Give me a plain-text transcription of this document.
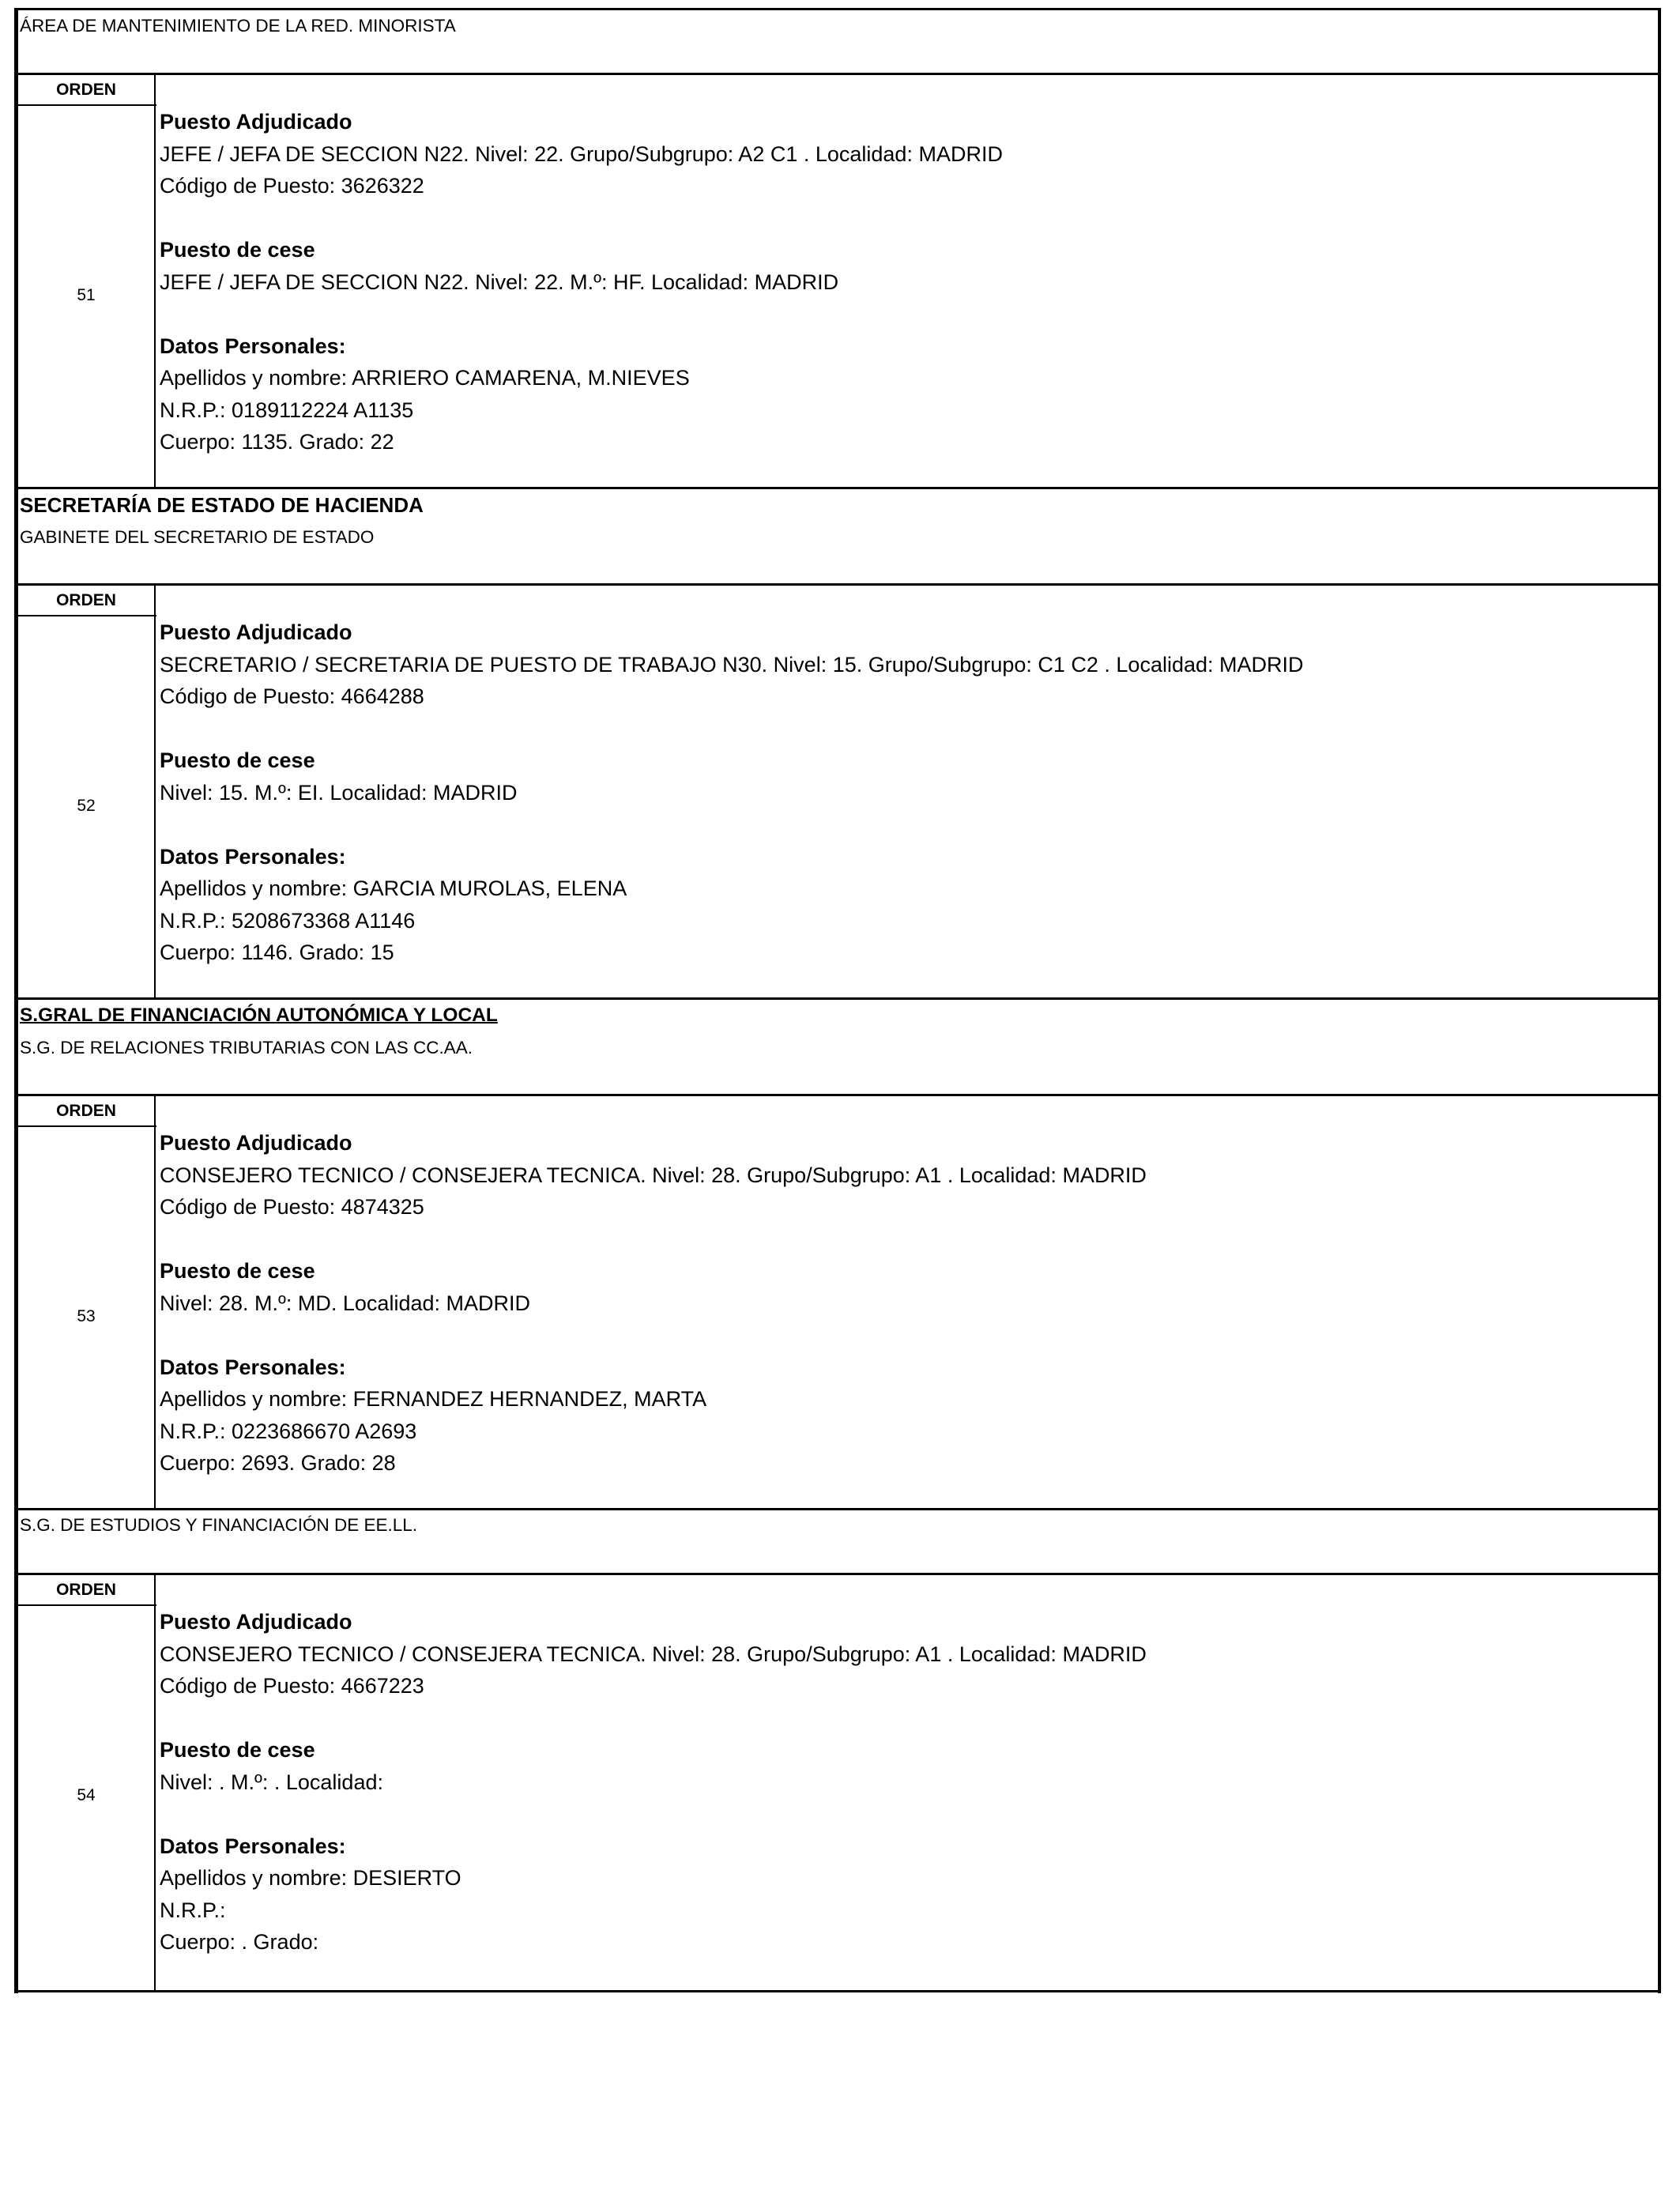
ÁREA DE MANTENIMIENTO DE LA RED. MINORISTA
SECRETARÍA DE ESTADO DE HACIENDA
GABINETE DEL SECRETARIO DE ESTADO
S.GRAL DE FINANCIACIÓN AUTONÓMICA Y LOCAL
S.G. DE RELACIONES TRIBUTARIAS CON LAS CC.AA.
S.G. DE ESTUDIOS Y FINANCIACIÓN DE EE.LL.
ORDEN
ORDEN
ORDEN
ORDEN
51
52
53
54
Puesto Adjudicado
JEFE / JEFA DE SECCION N22. Nivel: 22. Grupo/Subgrupo: A2 C1 . Localidad: MADRID
Código de Puesto: 3626322
Puesto de cese
JEFE / JEFA DE SECCION N22. Nivel: 22. M.º: HF. Localidad: MADRID
Datos Personales:
Apellidos y nombre: ARRIERO CAMARENA, M.NIEVES
N.R.P.: 0189112224 A1135
Cuerpo: 1135. Grado: 22
Puesto Adjudicado
SECRETARIO / SECRETARIA DE PUESTO DE TRABAJO N30. Nivel: 15. Grupo/Subgrupo: C1 C2 . Localidad: MADRID
Código de Puesto: 4664288
Puesto de cese
Nivel: 15. M.º: EI. Localidad: MADRID
Datos Personales:
Apellidos y nombre: GARCIA MUROLAS, ELENA
N.R.P.: 5208673368 A1146
Cuerpo: 1146. Grado: 15
Puesto Adjudicado
CONSEJERO TECNICO / CONSEJERA TECNICA. Nivel: 28. Grupo/Subgrupo: A1 . Localidad: MADRID
Código de Puesto: 4874325
Puesto de cese
Nivel: 28. M.º: MD. Localidad: MADRID
Datos Personales:
Apellidos y nombre: FERNANDEZ HERNANDEZ, MARTA
N.R.P.: 0223686670 A2693
Cuerpo: 2693. Grado: 28
Puesto Adjudicado
CONSEJERO TECNICO / CONSEJERA TECNICA. Nivel: 28. Grupo/Subgrupo: A1 . Localidad: MADRID
Código de Puesto: 4667223
Puesto de cese
Nivel: . M.º: . Localidad:
Datos Personales:
Apellidos y nombre: DESIERTO
N.R.P.:
Cuerpo: . Grado:
